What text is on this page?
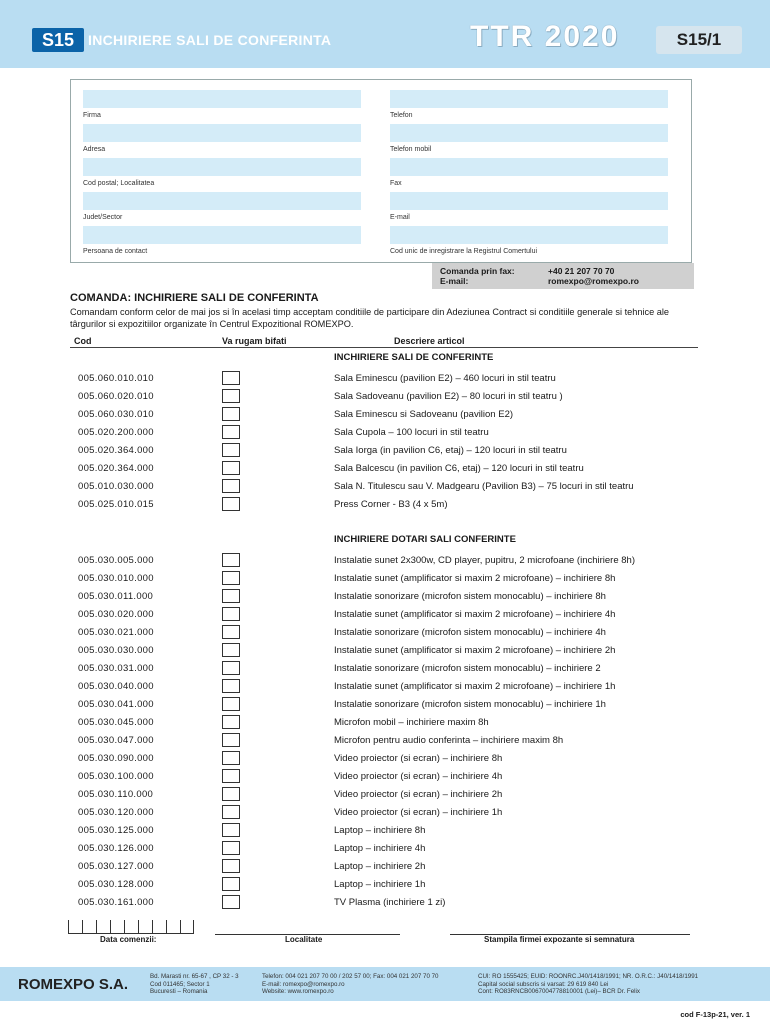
S15 INCHIRIERE SALI DE CONFERINTA	TTR 2020	S15/1
Firma
Adresa
Cod postal; Localitatea
Judet/Sector
Persoana de contact
Telefon
Telefon mobil
Fax
E-mail
Cod unic de inregistrare la Registrul Comertului
Comanda prin fax:	+40 21 207 70 70
E-mail:	romexpo@romexpo.ro
COMANDA: INCHIRIERE SALI DE CONFERINTA
Comandam conform celor de mai jos si în acelasi timp acceptam conditiile de participare din Adeziunea Contract si conditiile generale si tehnice ale târgurilor si expozitiilor organizate în Centrul Expozitional ROMEXPO.
Cod	Va rugam bifati	Descriere articol
INCHIRIERE SALI DE CONFERINTE
005.060.010.010	Sala Eminescu (pavilion E2) – 460 locuri in stil teatru
005.060.020.010	Sala Sadoveanu (pavilion E2) – 80 locuri in stil teatru )
005.060.030.010	Sala Eminescu si Sadoveanu (pavilion E2)
005.020.200.000	Sala Cupola – 100 locuri in stil teatru
005.020.364.000	Sala Iorga (in pavilion C6, etaj) – 120 locuri in stil teatru
005.020.364.000	Sala Balcescu (in pavilion C6, etaj) – 120 locuri in stil teatru
005.010.030.000	Sala N. Titulescu sau V. Madgearu (Pavilion B3) – 75 locuri in stil teatru
005.025.010.015	Press Corner - B3 (4 x 5m)
INCHIRIERE DOTARI SALI CONFERINTE
005.030.005.000	Instalatie sunet 2x300w, CD player, pupitru, 2 microfoane (inchiriere 8h)
005.030.010.000	Instalatie sunet (amplificator si maxim 2 microfoane) – inchiriere 8h
005.030.011.000	Instalatie sonorizare (microfon sistem monocablu) – inchiriere 8h
005.030.020.000	Instalatie sunet (amplificator si maxim 2 microfoane) – inchiriere 4h
005.030.021.000	Instalatie sonorizare (microfon sistem monocablu) – inchiriere 4h
005.030.030.000	Instalatie sunet (amplificator si maxim 2 microfoane) – inchiriere 2h
005.030.031.000	Instalatie sonorizare (microfon sistem monocablu) – inchiriere 2
005.030.040.000	Instalatie sunet (amplificator si maxim 2 microfoane) – inchiriere 1h
005.030.041.000	Instalatie sonorizare (microfon sistem monocablu) – inchiriere 1h
005.030.045.000	Microfon mobil – inchiriere maxim 8h
005.030.047.000	Microfon pentru audio conferinta – inchiriere maxim 8h
005.030.090.000	Video proiector (si ecran) – inchiriere 8h
005.030.100.000	Video proiector (si ecran) – inchiriere 4h
005.030.110.000	Video proiector (si ecran) – inchiriere 2h
005.030.120.000	Video proiector (si ecran) – inchiriere 1h
005.030.125.000	Laptop – inchiriere 8h
005.030.126.000	Laptop – inchiriere 4h
005.030.127.000	Laptop – inchiriere 2h
005.030.128.000	Laptop – inchiriere 1h
005.030.161.000	TV Plasma (inchiriere 1 zi)
Data comenzii:	Localitate	Stampila firmei expozante si semnatura
ROMEXPO S.A.	Bd. Marasti nr. 65-67 , CP 32 - 3
Cod 011465; Sector 1
Bucuresti – Romania
Telefon: 004 021 207 70 00 / 202 57 00; Fax: 004 021 207 70 70
E-mail: romexpo@romexpo.ro
Website: www.romexpo.ro
CUI: RO 1555425; EUID: ROONRC.J40/1418/1991; NR. O.R.C.: J40/1418/1991
Capital social subscris si varsat: 29 619 840 Lei
Cont: RO83RNCB0067004778810001 (Lei)– BCR Dr. Felix
cod F-13p-21, ver. 1
